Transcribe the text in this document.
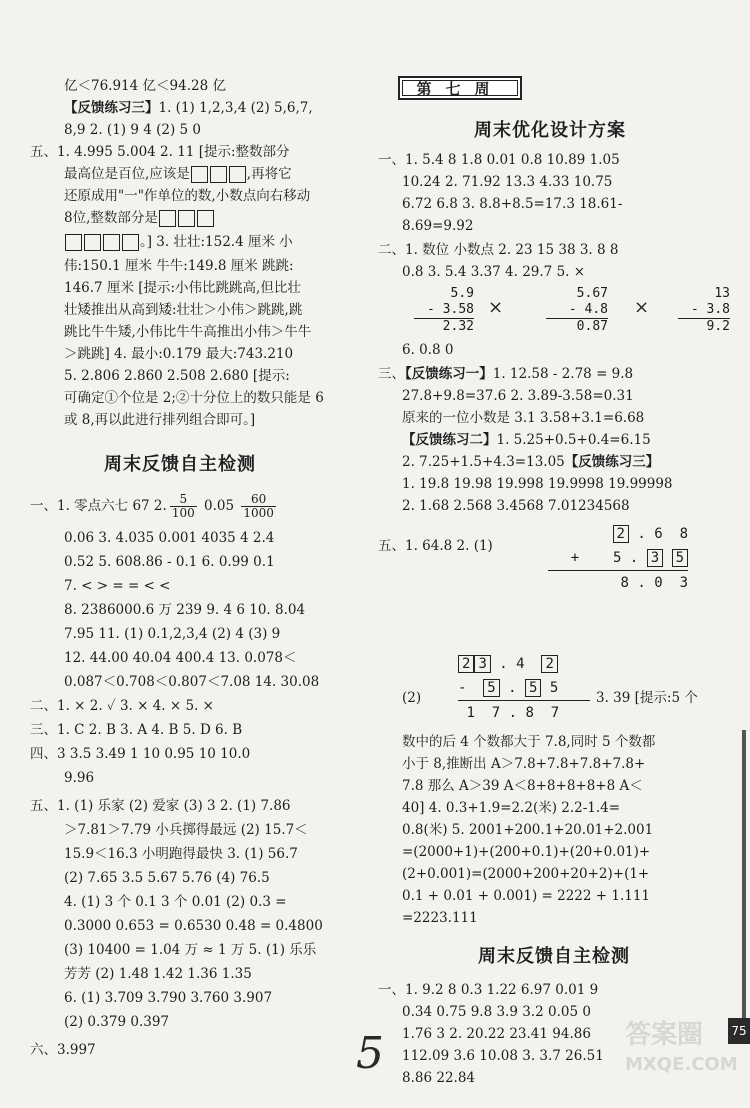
亿＜76.914 亿＜94.28 亿
【反馈练习三】1. (1) 1,2,3,4 (2) 5,6,7,
8,9 2. (1) 9 4 (2) 5 0
五、1. 4.995 5.004 2. 11 [提示:整数部分
最高位是百位,应该是	,再将它
还原成用"一"作单位的数,小数点向右移动
8位,整数部分是
。] 3. 壮壮:152.4 厘米 小
伟:150.1 厘米 牛牛:149.8 厘米 跳跳:
146.7 厘米 [提示:小伟比跳跳高,但比壮
壮矮推出从高到矮:壮壮＞小伟＞跳跳,跳
跳比牛牛矮,小伟比牛牛高推出小伟＞牛牛
＞跳跳] 4. 最小:0.179 最大:743.210
5. 2.806 2.860 2.508 2.680 [提示:
可确定①个位是 2;②十分位上的数只能是 6
或 8,再以此进行排列组合即可。]
周末反馈自主检测
一、1. 零点六七 67 2. $\frac{5}{100} 0.05 \frac{60}{1000}$
0.06 3. 4.035 0.001 4035 4 2.4
0.52 5. 608.86 - 0.1 6. 0.99 0.1
7. < > = = < <
8. 2386000.6 万 239 9. 4 6 10. 8.04
7.95 11. (1) 0.1,2,3,4 (2) 4 (3) 9
12. 44.00 40.04 400.4 13. 0.078＜
0.087＜0.708＜0.807＜7.08 14. 30.08
二、1. × 2. ✓ 3. × 4. × 5. ×
三、1. C 2. B 3. A 4. B 5. D 6. B
四、3 3.5 3.49 1 10 0.95 10 10.0
9.96
五、1. (1) 乐家 (2) 爱家 (3) 3 2. (1) 7.86
＞7.81＞7.79 小兵掷得最远 (2) 15.7＜
15.9＜16.3 小明跑得最快 3. (1) 56.7
(2) 7.65 3.5 5.67 5.76 (4) 76.5
4. (1) 3 个 0.1 3 个 0.01 (2) 0.3 =
0.3000 0.653 = 0.6530 0.48 = 0.4800
(3) 10400 = 1.04 万 ≈ 1 万 5. (1) 乐乐
芳芳 (2) 1.48 1.42 1.36 1.35
6. (1) 3.709 3.790 3.760 3.907
(2) 0.379 0.397
六、3.997
第七周
周末优化设计方案
一、1. 5.4 8 1.8 0.01 0.8 10.89 1.05
10.24 2. 71.92 13.3 4.33 10.75
6.72 6.8 3. 8.8+8.5=17.3 18.61-
8.69=9.92
二、1. 数位 小数点 2. 23 15 38 3. 8 8
0.8 3. 5.4 3.37 4. 29.7 5. ×
5.9
- 3.58
2.32
×
5.67
- 4.8
0.87
×
13
- 3.8
9.2
6. 0.8 0
三、【反馈练习一】1. 12.58 - 2.78 = 9.8
27.8+9.8=37.6 2. 3.89-3.58=0.31
原来的一位小数是 3.1 3.58+3.1=6.68
【反馈练习二】1. 5.25+0.5+0.4=6.15
2. 7.25+1.5+4.3=13.05【反馈练习三】
1. 19.8 19.98 19.998 19.9998 19.99998
2. 1.68 2.568 3.4568 7.01234568
五、1. 64.8 2. (1)
2 . 6 8
+ 5 . 3 5
8 . 0 3
(2)
2 3 . 4 2
- 5 . 5 5
1 7 . 8 7
3. 39 [提示:5 个
数中的后 4 个数都大于 7.8,同时 5 个数都
小于 8,推断出 A＞7.8+7.8+7.8+7.8+
7.8 那么 A＞39 A＜8+8+8+8+8 A＜
40] 4. 0.3+1.9=2.2(米) 2.2-1.4=
0.8(米) 5. 2001+200.1+20.01+2.001
=(2000+1)+(200+0.1)+(20+0.01)+
(2+0.001)=(2000+200+20+2)+(1+
0.1 + 0.01 + 0.001) = 2222 + 1.111
=2223.111
周末反馈自主检测
一、1. 9.2 8 0.3 1.22 6.97 0.01 9
0.34 0.75 9.8 3.9 3.2 0.05 0
1.76 3 2. 20.22 23.41 94.86
112.09 3.6 10.08 3. 3.7 26.51
8.86 22.84
5	答案圈
MXQE.COM
75
